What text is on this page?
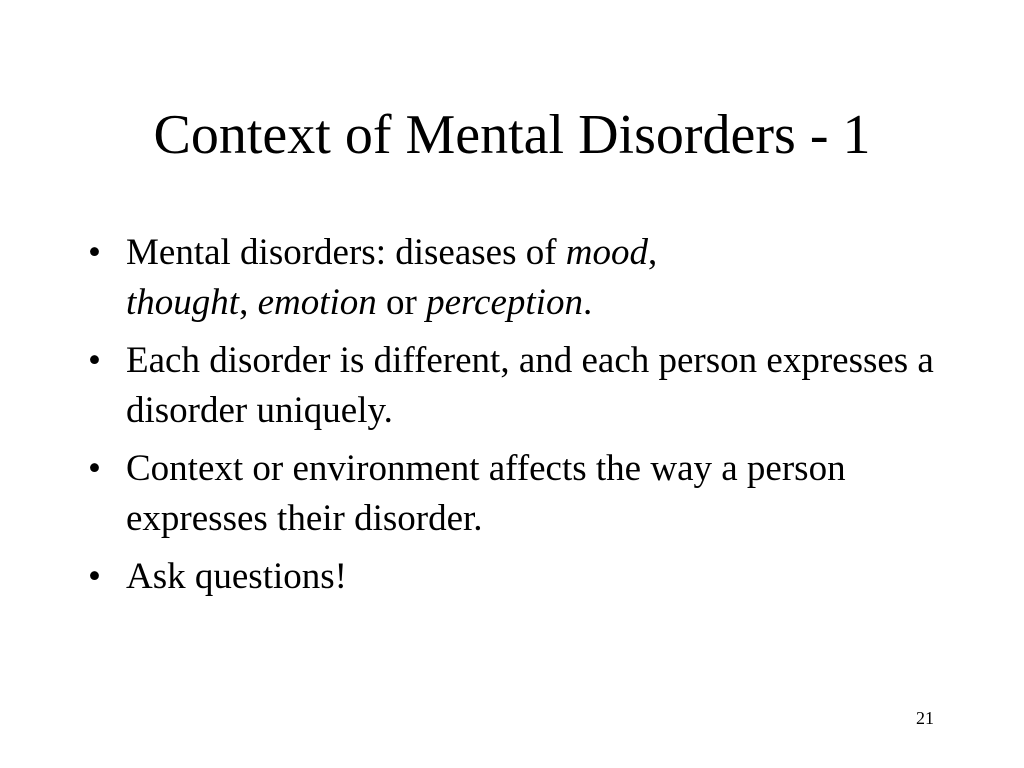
Context of Mental Disorders - 1
• Mental disorders: diseases of mood,
thought, emotion or perception.
• Each disorder is different, and each person expresses a disorder uniquely.
• Context or environment affects the way a person expresses their disorder.
• Ask questions!
21
